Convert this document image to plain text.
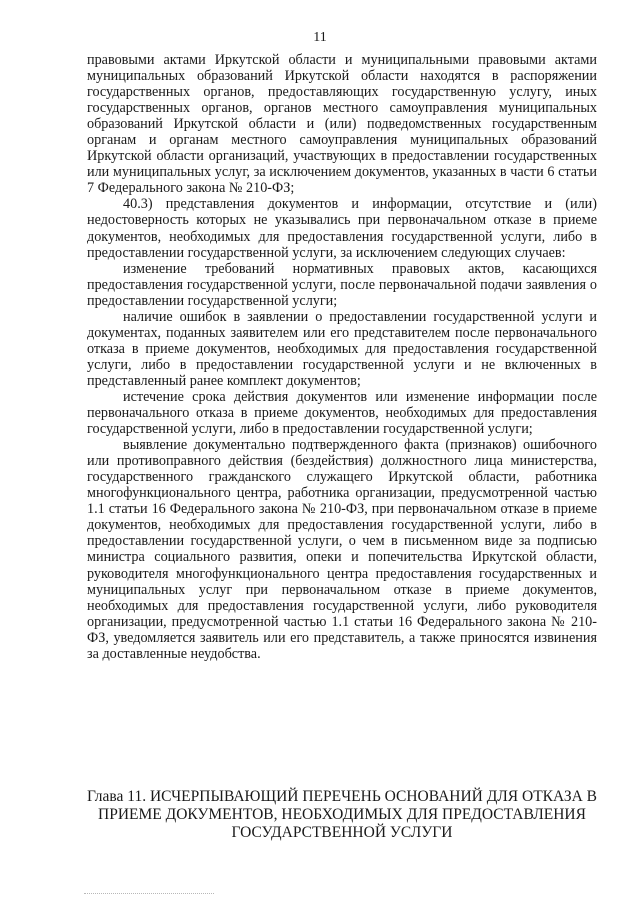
11

правовыми актами Иркутской области и муниципальными правовыми актами муниципальных образований Иркутской области находятся в распоряжении государственных органов, предоставляющих государственную услугу, иных государственных органов, органов местного самоуправления муниципальных образований Иркутской области и (или) подведомственных государственным органам и органам местного самоуправления муниципальных образований Иркутской области организаций, участвующих в предоставлении государственных или муниципальных услуг, за исключением документов, указанных в части 6 статьи 7 Федерального закона № 210-ФЗ;

40.3) представления документов и информации, отсутствие и (или) недостоверность которых не указывались при первоначальном отказе в приеме документов, необходимых для предоставления государственной услуги, либо в предоставлении государственной услуги, за исключением следующих случаев:

изменение требований нормативных правовых актов, касающихся предоставления государственной услуги, после первоначальной подачи заявления о предоставлении государственной услуги;

наличие ошибок в заявлении о предоставлении государственной услуги и документах, поданных заявителем или его представителем после первоначального отказа в приеме документов, необходимых для предоставления государственной услуги, либо в предоставлении государственной услуги и не включенных в представленный ранее комплект документов;

истечение срока действия документов или изменение информации после первоначального отказа в приеме документов, необходимых для предоставления государственной услуги, либо в предоставлении государственной услуги;

выявление документально подтвержденного факта (признаков) ошибочного или противоправного действия (бездействия) должностного лица министерства, государственного гражданского служащего Иркутской области, работника многофункционального центра, работника организации, предусмотренной частью 1.1 статьи 16 Федерального закона № 210-ФЗ, при первоначальном отказе в приеме документов, необходимых для предоставления государственной услуги, либо в предоставлении государственной услуги, о чем в письменном виде за подписью министра социального развития, опеки и попечительства Иркутской области, руководителя многофункционального центра предоставления государственных и муниципальных услуг при первоначальном отказе в приеме документов, необходимых для предоставления государственной услуги, либо руководителя организации, предусмотренной частью 1.1 статьи 16 Федерального закона № 210-ФЗ, уведомляется заявитель или его представитель, а также приносятся извинения за доставленные неудобства.

Глава 11. ИСЧЕРПЫВАЮЩИЙ ПЕРЕЧЕНЬ ОСНОВАНИЙ ДЛЯ ОТКАЗА В ПРИЕМЕ ДОКУМЕНТОВ, НЕОБХОДИМЫХ ДЛЯ ПРЕДОСТАВЛЕНИЯ ГОСУДАРСТВЕННОЙ УСЛУГИ
